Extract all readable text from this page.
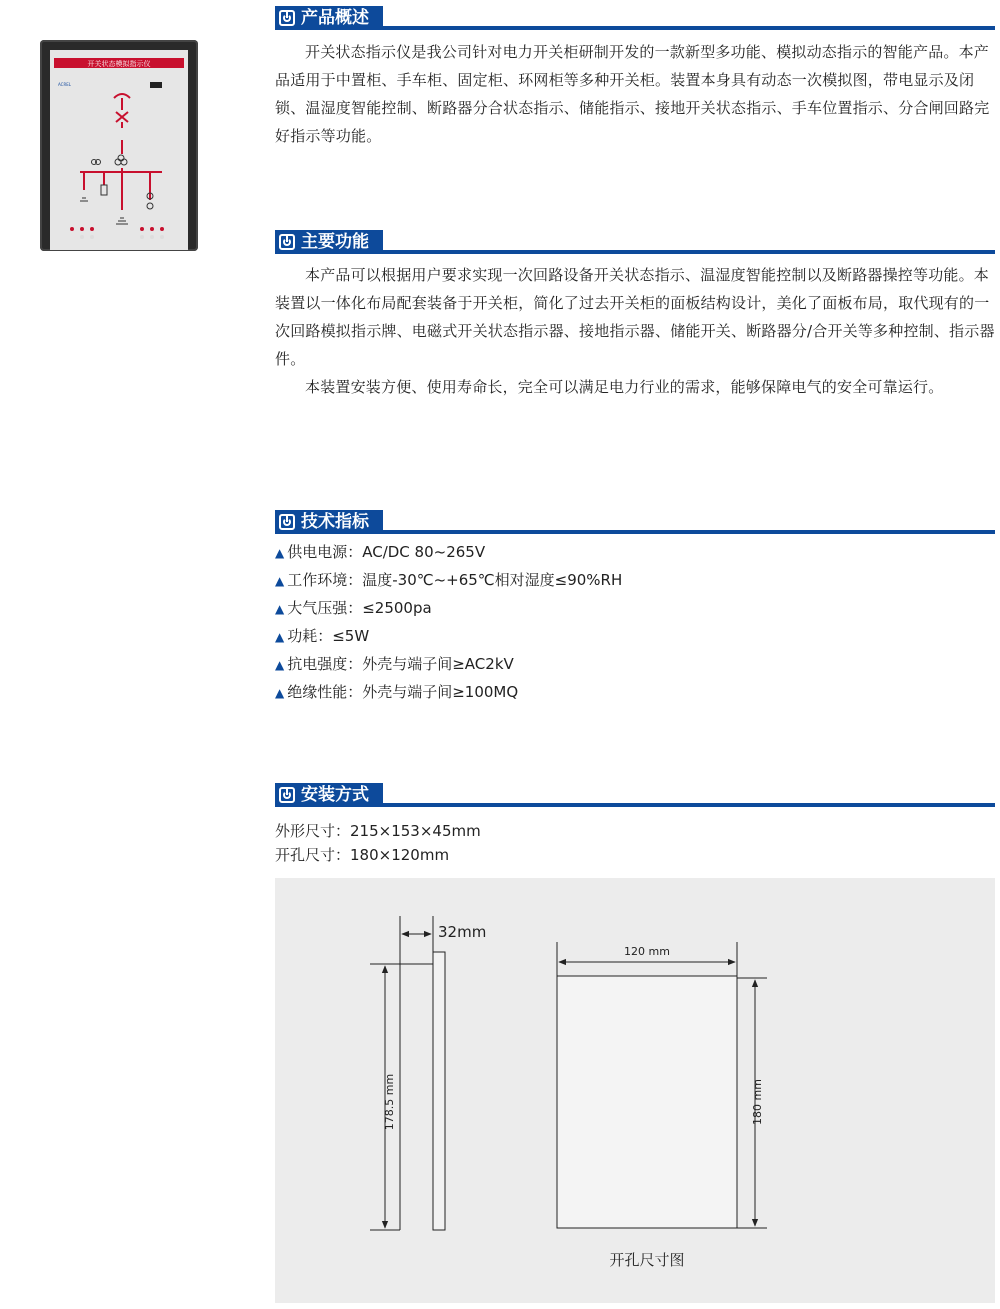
开关状态模拟指示仪
ACREL
产品概述

开关状态指示仪是我公司针对电力开关柜研制开发的一款新型多功能、模拟动态指示的智能产品。本产品适用于中置柜、手车柜、固定柜、环网柜等多种开关柜。装置本身具有动态一次模拟图，带电显示及闭锁、温湿度智能控制、断路器分合状态指示、储能指示、接地开关状态指示、手车位置指示、分合闸回路完好指示等功能。

主要功能

本产品可以根据用户要求实现一次回路设备开关状态指示、温湿度智能控制以及断路器操控等功能。本装置以一体化布局配套装备于开关柜，简化了过去开关柜的面板结构设计，美化了面板布局，取代现有的一次回路模拟指示牌、电磁式开关状态指示器、接地指示器、储能开关、断路器分/合开关等多种控制、指示器件。

本装置安装方便、使用寿命长，完全可以满足电力行业的需求，能够保障电气的安全可靠运行。

技术指标

▲ 供电电源：AC/DC 80~265V

▲ 工作环境：温度-30℃~+65℃相对湿度≤90%RH

▲ 大气压强：≤2500pa

▲ 功耗：≤5W

▲ 抗电强度：外壳与端子间≥AC2kV

▲ 绝缘性能：外壳与端子间≥100MQ

安装方式

外形尺寸：215×153×45mm

开孔尺寸：180×120mm

32mm
178.5 mm
120 mm
180 mm
开孔尺寸图
